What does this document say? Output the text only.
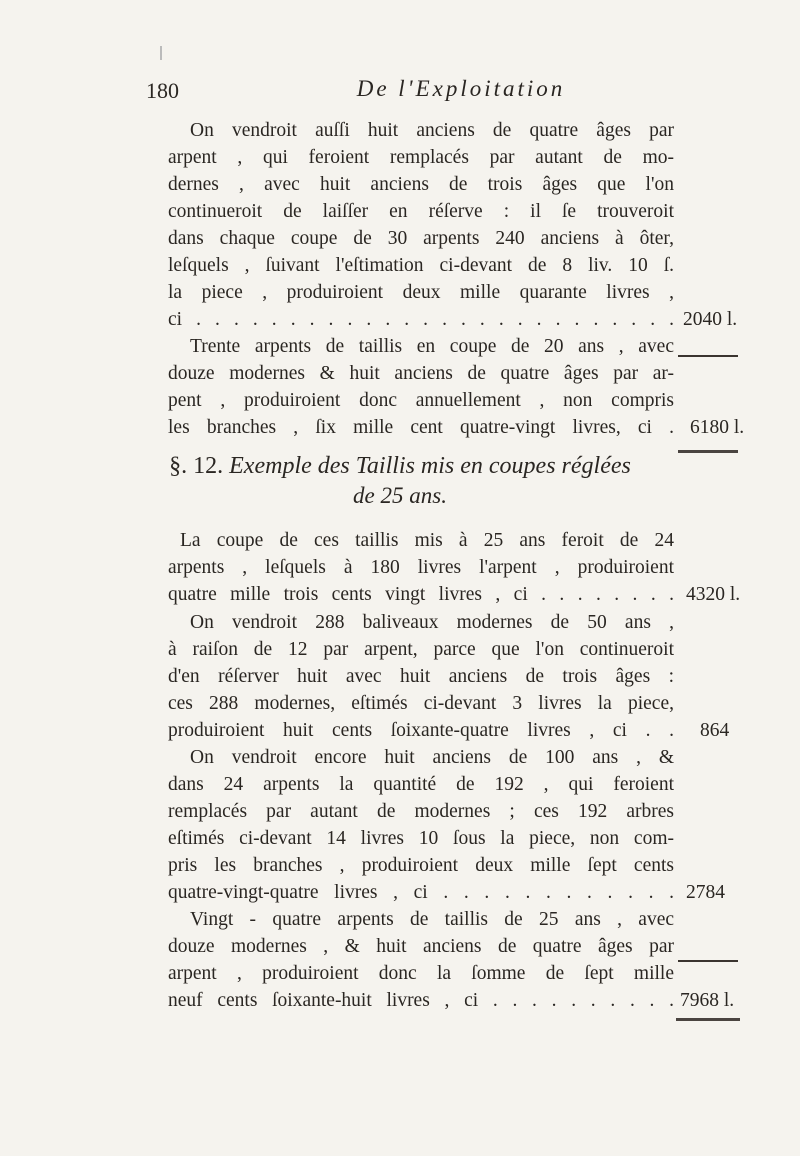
180	De l'Exploitation
On vendroit auſſi huit anciens de quatre âges par
arpent , qui feroient remplacés par autant de mo-
dernes , avec huit anciens de trois âges que l'on
continueroit de laiſſer en réſerve : il ſe trouveroit
dans chaque coupe de 30 arpents 240 anciens à ôter,
leſquels , ſuivant l'eſtimation ci-devant de 8 liv. 10 ſ.
la piece , produiroient deux mille quarante livres ,
ci . . . . . . . . . . . . . . . . . . . . . . . . . .
Trente arpents de taillis en coupe de 20 ans , avec
douze modernes & huit anciens de quatre âges par ar-
pent , produiroient donc annuellement , non compris
les branches , ſix mille cent quatre-vingt livres, ci .
2040 l.
6180 l.
§. 12. Exemple des Taillis mis en coupes réglées
de 25 ans.
La coupe de ces taillis mis à 25 ans feroit de 24
arpents , leſquels à 180 livres l'arpent , produiroient
quatre mille trois cents vingt livres , ci . . . . . . . . 4320 l.
On vendroit 288 baliveaux modernes de 50 ans ,
à raiſon de 12 par arpent, parce que l'on continueroit
d'en réſerver huit avec huit anciens de trois âges :
ces 288 modernes, eſtimés ci-devant 3 livres la piece,
produiroient huit cents ſoixante-quatre livres , ci . . 864
On vendroit encore huit anciens de 100 ans , &
dans 24 arpents la quantité de 192 , qui feroient
remplacés par autant de modernes ; ces 192 arbres
eſtimés ci-devant 14 livres 10 ſous la piece, non com-
pris les branches , produiroient deux mille ſept cents
quatre-vingt-quatre livres , ci . . . . . . . . . . . . 2784
Vingt - quatre arpents de taillis de 25 ans , avec
douze modernes , & huit anciens de quatre âges par
arpent , produiroient donc la ſomme de ſept mille
neuf cents ſoixante-huit livres , ci . . . . . . . . . . 7968 l.
